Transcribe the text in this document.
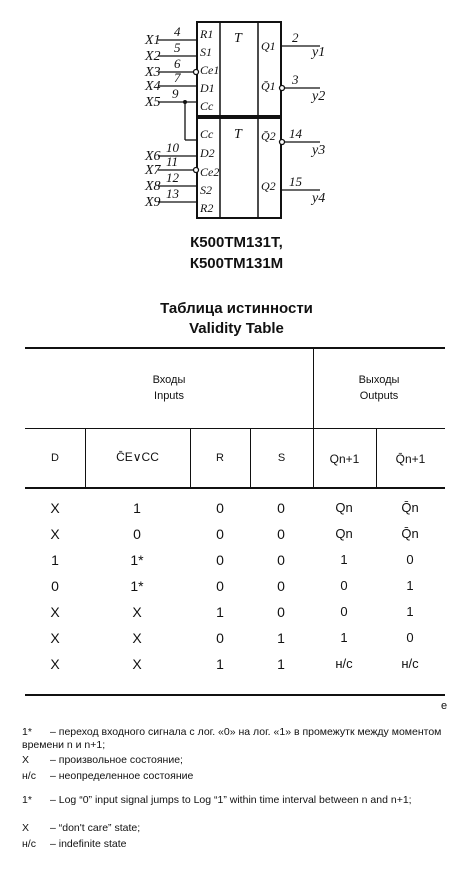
T
T
R1
S1
Ce1
D1
Cc
Cc
D2
Ce2
S2
R2
Q1
Q̄1
Q̄2
Q2
4
5
6
7
9
10
11
12
13
2
3
14
15
X1
X2
X3
X4
X5
X6
X7
X8
X9
y1
y2
y3
y4
К500ТМ131Т,
К500ТМ131М
Таблица истинности
Validity Table
Входы
Inputs
Выходы
Outputs
D	C̄E∨CC	R	S	Qn+1	Q̄n+1
X	1	0	0	Qn	Q̄n
X	0	0	0	Qn	Q̄n
1	1*	0	0	1	0
0	1*	0	0	0	1
X	X	1	0	0	1
X	X	0	1	1	0
X	X	1	1	н/с	н/с
e
1* – переход входного сигнала с лог. «0» на лог. «1» в промежутк между моментом времени n и n+1;
X – произвольное состояние;
н/с – неопределенное состояние
1* – Log “0” input signal jumps to Log “1” within time interval between n and n+1;
X – “don't care” state;
н/с – indefinite state
